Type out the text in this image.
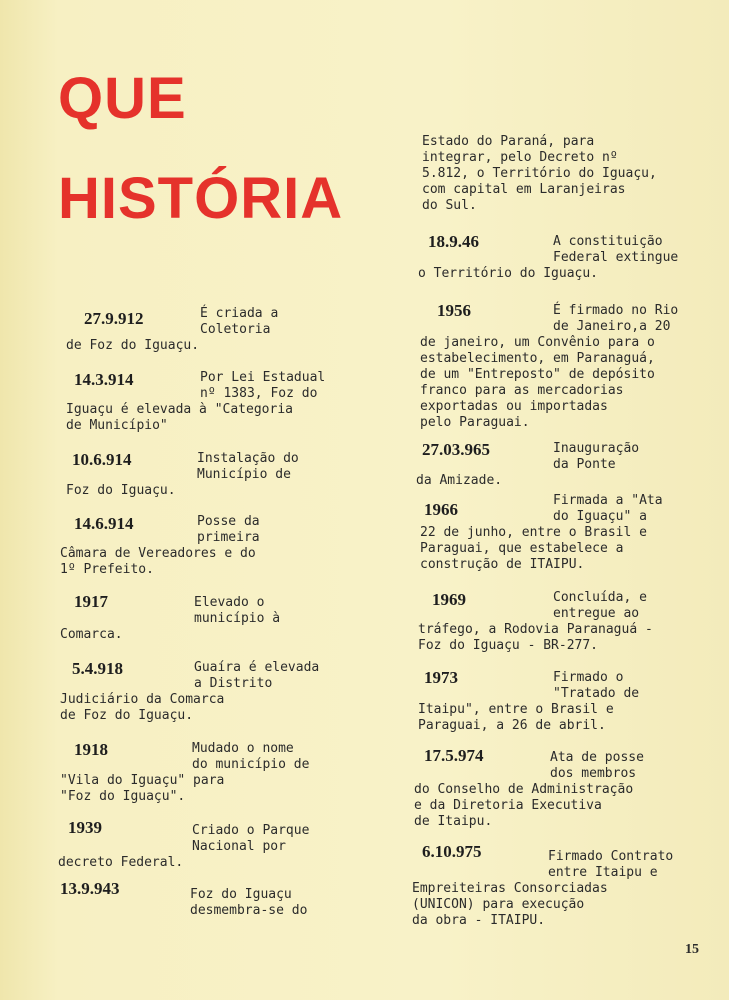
QUE
HISTÓRIA
27.9.912	É criada a
Coletoria
de Foz do Iguaçu.
14.3.914	Por Lei Estadual
nº 1383, Foz do
Iguaçu é elevada à "Categoria
de Município"
10.6.914	Instalação do
Município de
Foz do Iguaçu.
14.6.914	Posse da
primeira
Câmara de Vereadores e do
1º Prefeito.
1917	Elevado o
município à
Comarca.
5.4.918	Guaíra é elevada
a Distrito
Judiciário da Comarca
de Foz do Iguaçu.
1918	Mudado o nome
do município de
"Vila do Iguaçu" para
"Foz do Iguaçu".
1939	Criado o Parque
Nacional por
decreto Federal.
13.9.943	Foz do Iguaçu
desmembra-se do
Estado do Paraná, para
integrar, pelo Decreto nº
5.812, o Território do Iguaçu,
com capital em Laranjeiras
do Sul.
18.9.46	A constituição
Federal extingue
o Território do Iguaçu.
1956	É firmado no Rio
de Janeiro,a 20
de janeiro, um Convênio para o
estabelecimento, em Paranaguá,
de um "Entreposto" de depósito
franco para as mercadorias
exportadas ou importadas
pelo Paraguai.
27.03.965	Inauguração
da Ponte
da Amizade.
1966	Firmada a "Ata
do Iguaçu" a
22 de junho, entre o Brasil e
Paraguai, que estabelece a
construção de ITAIPU.
1969	Concluída, e
entregue ao
tráfego, a Rodovia Paranaguá -
Foz do Iguaçu - BR-277.
1973	Firmado o
"Tratado de
Itaipu", entre o Brasil e
Paraguai, a 26 de abril.
17.5.974	Ata de posse
dos membros
do Conselho de Administração
e da Diretoria Executiva
de Itaipu.
6.10.975	Firmado Contrato
entre Itaipu e
Empreiteiras Consorciadas
(UNICON) para execução
da obra - ITAIPU.
15
